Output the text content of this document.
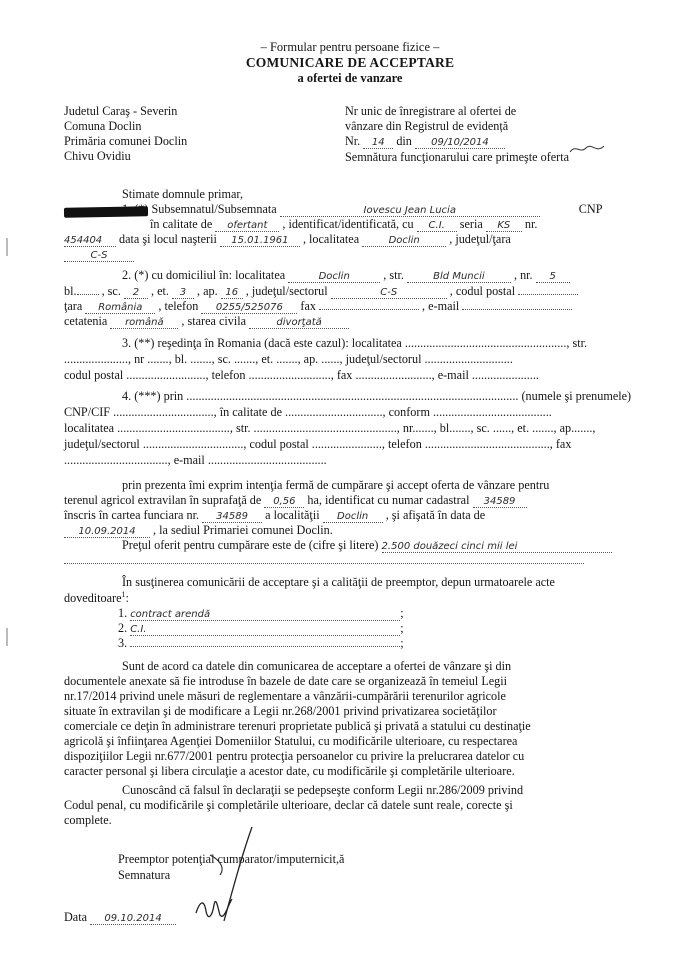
– Formular pentru persoane fizice –
COMUNICARE DE ACCEPTARE
a ofertei de vanzare
Judetul Caraş - Severin
Comuna Doclin
Primăria comunei Doclin
Chivu Ovidiu
Nr unic de înregistrare al ofertei de
vânzare din Registrul de evidență
Nr. 14 din 09/10/2014
Semnătura funcţionarului care primeşte oferta
Stimate domnule primar,
Subsemnatul/Subsemnata	Iovescu Jean Lucia	CNP
în calitate de ofertant , identificat/identificată, cu C.I. seria KS nr.
454404 data şi locul naşterii 15.01.1961 , localitatea	Doclin , judeţul/ţara
C-S
2. (*) cu domiciliul în: localitatea	Doclin	, str.	Bld Muncii , nr. 5
bl. , sc. 2 , et. 3 , ap. 16 , judeţul/sectorul	C-S	, codul postal
ţara România , telefon 0255/525076 fax	, e-mail
cetatenia română , starea civila	divorţată
3. (**) reşedinţa în Romania (dacă este cazul): localitatea ....................................................., str.
....................., nr ......., bl. ......., sc. ......., et. ......., ap. ......, judeţul/sectorul .............................
codul postal .........................., telefon ..........................., fax ........................., e-mail ......................
4. (***) prin ............................................................................................................. (numele şi prenumele)
CNP/CIF ................................., în calitate de ................................, conform .......................................
localitatea ....................................., str. ..............................................., nr......., bl......., sc. ......, et. ......., ap.......,
judeţul/sectorul ................................., codul postal ......................., telefon ........................................., fax
.................................., e-mail .......................................
prin prezenta îmi exprim intenţia fermă de cumpărare şi accept oferta de vânzare pentru
terenul agricol extravilan în suprafaţă de 0,56 ha, identificat cu numar cadastral 34589
înscris în cartea funciara nr. 34589 a localităţii Doclin , şi afişată în data de
10.09.2014 , la sediul Primariei comunei Doclin.
Preţul oferit pentru cumpărare este de (cifre şi litere) 2.500 douăzeci cinci mii lei
În susţinerea comunicării de acceptare şi a calităţii de preemptor, depun urmatoarele acte
doveditoare$^1$:
1. contract arendă	;
2. C.I.	;
3.	;
Sunt de acord ca datele din comunicarea de acceptare a ofertei de vânzare şi din
documentele anexate să fie introduse în bazele de date care se organizează în temeiul Legii
nr.17/2014 privind unele măsuri de reglementare a vânzării-cumpărării terenurilor agricole
situate în extravilan şi de modificare a Legii nr.268/2001 privind privatizarea societăţilor
comerciale ce deţin în administrare terenuri proprietate publică şi privată a statului cu destinaţie
agricolă şi înfiinţarea Agenţiei Domeniilor Statului, cu modificările ulterioare, cu respectarea
dispoziţiilor Legii nr.677/2001 pentru protecţia persoanelor cu privire la prelucrarea datelor cu
caracter personal şi libera circulaţie a acestor date, cu modificările şi completările ulterioare.
Cunoscând că falsul în declaraţii se pedepseşte conform Legii nr.286/2009 privind
Codul penal, cu modificările şi completările ulterioare, declar că datele sunt reale, corecte şi
complete.
Preemptor potenţial cumparator/imputernicit,ă
Semnatura
Data 09.10.2014
